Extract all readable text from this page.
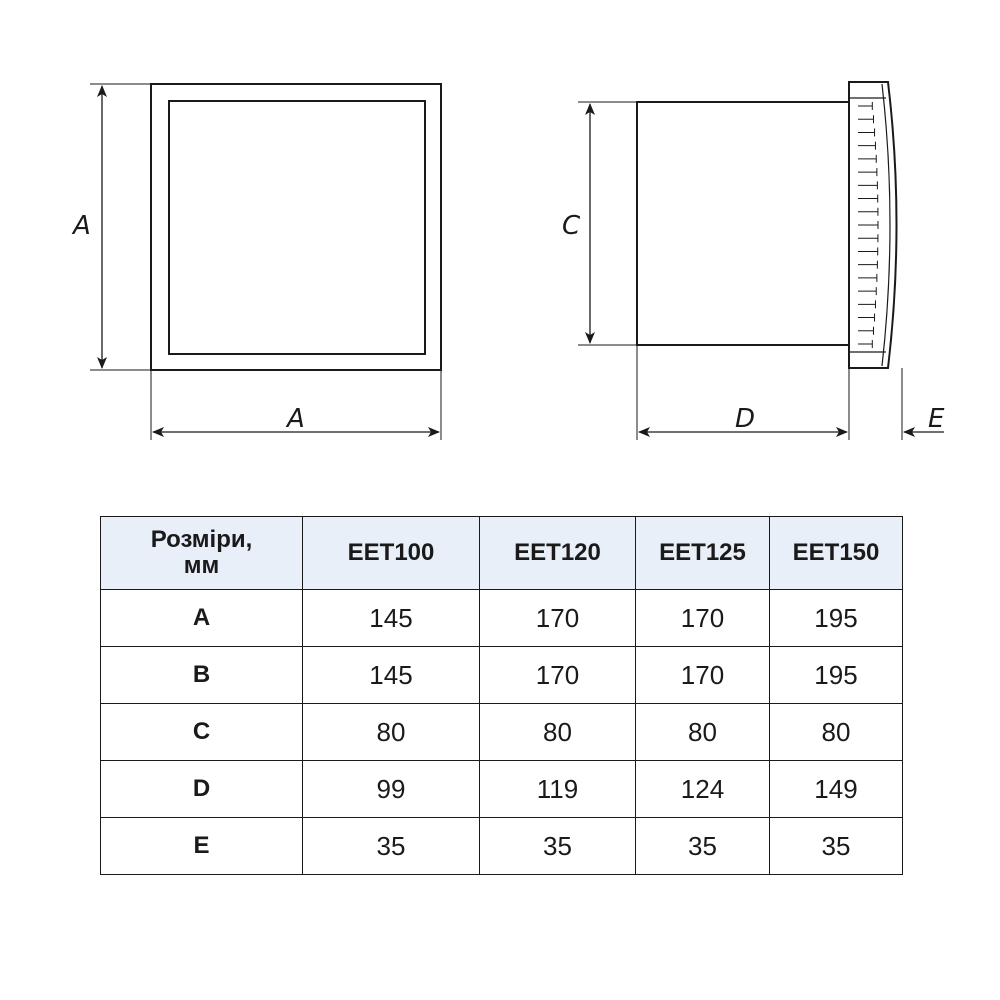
A
A
C
D	E
Розміри,
мм	EET100	EET120	EET125	EET150
A	145	170	170	195
B	145	170	170	195
C	80	80	80	80
D	99	119	124	149
E	35	35	35	35
